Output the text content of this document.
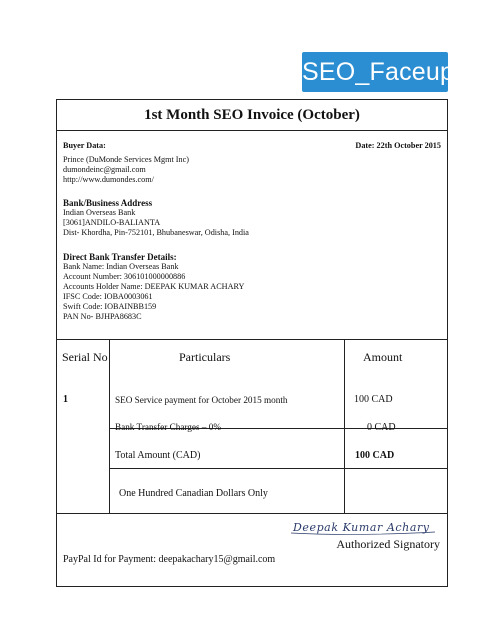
SEO_Faceup
1st Month SEO Invoice (October)
Buyer Data:	Date: 22th October 2015
Prince (DuMonde Services Mgmt Inc)
dumondeinc@gmail.com
http://www.dumondes.com/
Bank/Business Address
Indian Overseas Bank
[3061]ANDILO-BALIANTA
Dist- Khordha, Pin-752101, Bhubaneswar, Odisha, India
Direct Bank Transfer Details:
Bank Name: Indian Overseas Bank
Account Number: 306101000000886
Accounts Holder Name: DEEPAK KUMAR ACHARY
IFSC Code: IOBA0003061
Swift Code: IOBAINBB159
PAN No- BJHPA8683C
Serial No	Particulars	Amount
1	SEO Service payment for October 2015 month	100 CAD
Bank Transfer Charges – 0%	0 CAD
Total Amount (CAD)	100 CAD
One Hundred Canadian Dollars Only
Deepak Kumar Achary
Authorized Signatory
PayPal Id for Payment: deepakachary15@gmail.com
